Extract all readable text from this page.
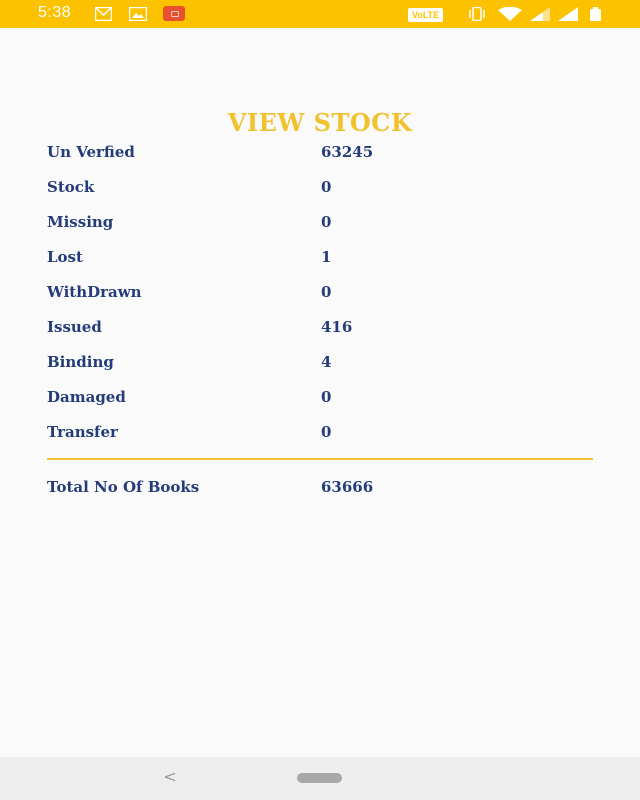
5:38	VoLTE
VIEW STOCK
Un Verfied	63245
Stock	0
Missing	0
Lost	1
WithDrawn	0
Issued	416
Binding	4
Damaged	0
Transfer	0
Total No Of Books	63666
<
